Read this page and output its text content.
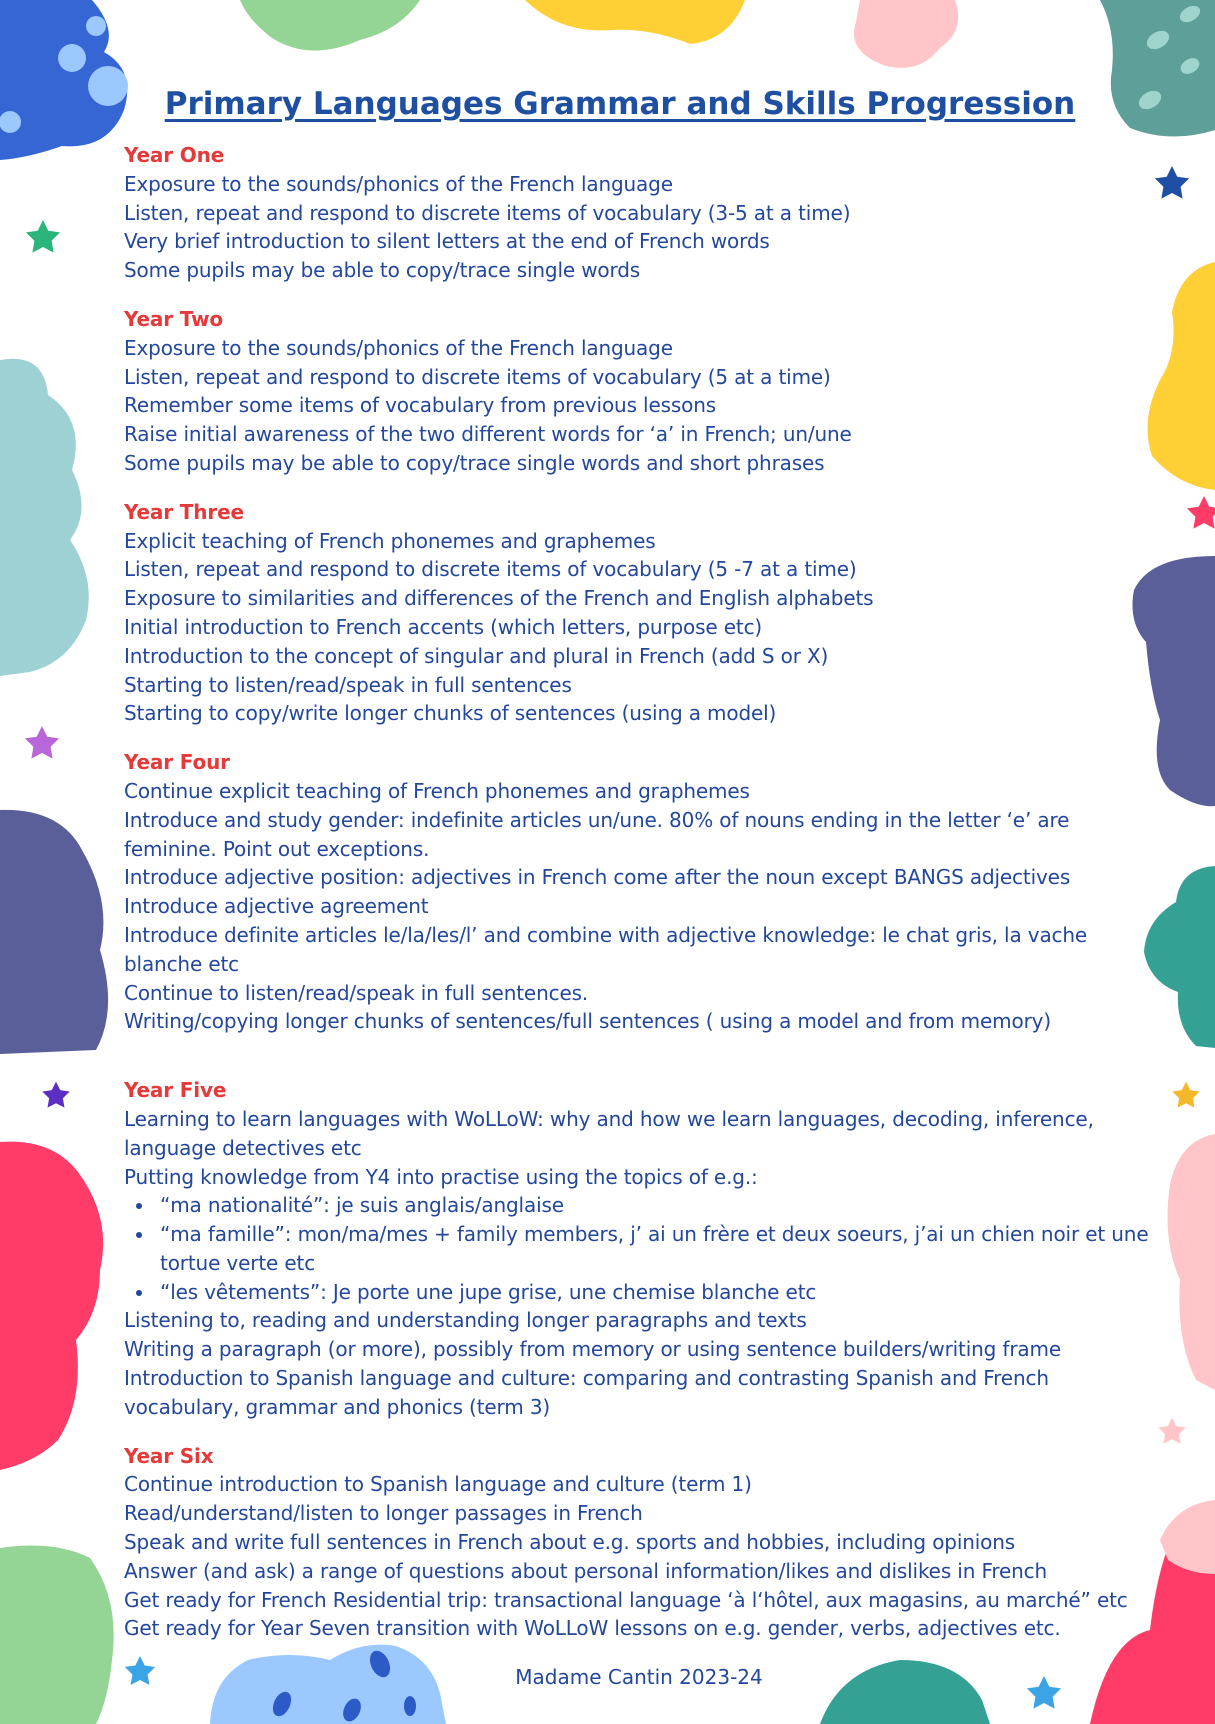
Primary Languages Grammar and Skills Progression
Year One
Exposure to the sounds/phonics of the French language
Listen, repeat and respond to discrete items of vocabulary (3-5 at a time)
Very brief introduction to silent letters at the end of French words
Some pupils may be able to copy/trace single words
Year Two
Exposure to the sounds/phonics of the French language
Listen, repeat and respond to discrete items of vocabulary (5 at a time)
Remember some items of vocabulary from previous lessons
Raise initial awareness of the two different words for ‘a’ in French; un/une
Some pupils may be able to copy/trace single words and short phrases
Year Three
Explicit teaching of French phonemes and graphemes
Listen, repeat and respond to discrete items of vocabulary (5 -7 at a time)
Exposure to similarities and differences of the French and English alphabets
Initial introduction to French accents (which letters, purpose etc)
Introduction to the concept of singular and plural in French (add S or X)
Starting to listen/read/speak in full sentences
Starting to copy/write longer chunks of sentences (using a model)
Year Four
Continue explicit teaching of French phonemes and graphemes
Introduce and study gender: indefinite articles un/une. 80% of nouns ending in the letter ‘e’ are feminine. Point out exceptions.
Introduce adjective position: adjectives in French come after the noun except BANGS adjectives
Introduce adjective agreement
Introduce definite articles le/la/les/l’ and combine with adjective knowledge: le chat gris, la vache blanche etc
Continue to listen/read/speak in full sentences.
Writing/copying longer chunks of sentences/full sentences ( using a model and from memory)
Year Five
Learning to learn languages with WoLLoW: why and how we learn languages, decoding, inference, language detectives etc
Putting knowledge from Y4 into practise using the topics of e.g.:
“ma nationalité”: je suis anglais/anglaise
“ma famille”: mon/ma/mes + family members, j’ ai un frère et deux soeurs, j’ai un chien noir et une tortue verte etc
“les vêtements”: Je porte une jupe grise, une chemise blanche etc
Listening to, reading and understanding longer paragraphs and texts
Writing a paragraph (or more), possibly from memory or using sentence builders/writing frame
Introduction to Spanish language and culture: comparing and contrasting Spanish and French vocabulary, grammar and phonics (term 3)
Year Six
Continue introduction to Spanish language and culture (term 1)
Read/understand/listen to longer passages in French
Speak and write full sentences in French about e.g. sports and hobbies, including opinions
Answer (and ask) a range of questions about personal information/likes and dislikes in French
Get ready for French Residential trip: transactional language ‘à l‘hôtel, aux magasins, au marché” etc
Get ready for Year Seven transition with WoLLoW lessons on e.g. gender, verbs, adjectives etc.
Madame Cantin 2023-24
